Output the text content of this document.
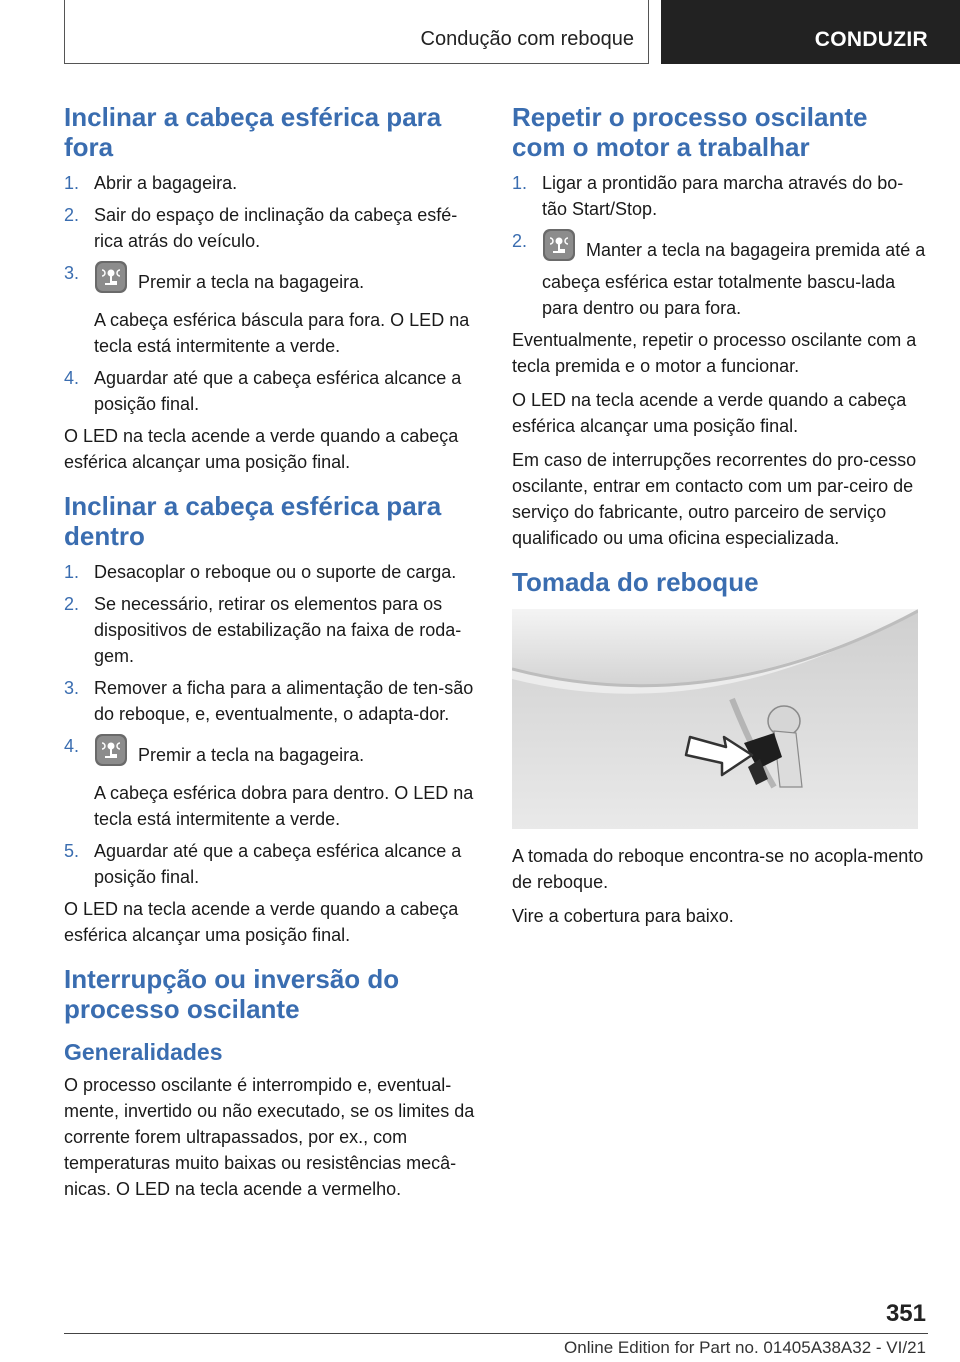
Condução com reboque	CONDUZIR
Inclinar a cabeça esférica para fora
1. Abrir a bagageira.
2. Sair do espaço de inclinação da cabeça esfé‐rica atrás do veículo.
3.	Premir a tecla na bagageira.
A cabeça esférica báscula para fora. O LED na tecla está intermitente a verde.
4. Aguardar até que a cabeça esférica alcance a posição final.

O LED na tecla acende a verde quando a cabeça esférica alcançar uma posição final.

Inclinar a cabeça esférica para dentro
1. Desacoplar o reboque ou o suporte de carga.
2. Se necessário, retirar os elementos para os dispositivos de estabilização na faixa de roda‐gem.
3. Remover a ficha para a alimentação de ten‐são do reboque, e, eventualmente, o adapta‐dor.
4.	Premir a tecla na bagageira.
A cabeça esférica dobra para dentro. O LED na tecla está intermitente a verde.
5. Aguardar até que a cabeça esférica alcance a posição final.

O LED na tecla acende a verde quando a cabeça esférica alcançar uma posição final.

Interrupção ou inversão do processo oscilante
Generalidades

O processo oscilante é interrompido e, eventual‐mente, invertido ou não executado, se os limites da corrente forem ultrapassados, por ex., com temperaturas muito baixas ou resistências mecâ‐nicas. O LED na tecla acende a vermelho.

Repetir o processo oscilante com o motor a trabalhar
1. Ligar a prontidão para marcha através do bo‐tão Start/Stop.
2.	Manter a tecla na bagageira premida até a cabeça esférica estar totalmente bascu‐lada para dentro ou para fora.

Eventualmente, repetir o processo oscilante com a tecla premida e o motor a funcionar.

O LED na tecla acende a verde quando a cabeça esférica alcançar uma posição final.

Em caso de interrupções recorrentes do pro‐cesso oscilante, entrar em contacto com um par‐ceiro de serviço do fabricante, outro parceiro de serviço qualificado ou uma oficina especializada.

Tomada do reboque

A tomada do reboque encontra-se no acopla‐mento de reboque.

Vire a cobertura para baixo.

351
Online Edition for Part no. 01405A38A32 - VI/21
